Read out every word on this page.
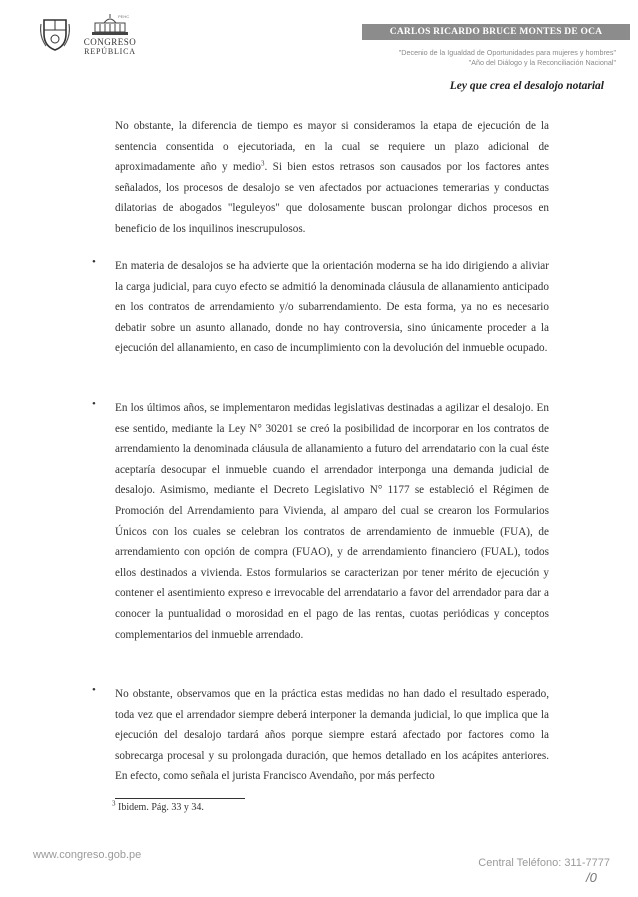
CONGRESO
REPÚBLICA
PEHC
CARLOS RICARDO BRUCE MONTES DE OCA
"Decenio de la Igualdad de Oportunidades para mujeres y hombres"
"Año del Diálogo y la Reconciliación Nacional"
Ley que crea el desalojo notarial

No obstante, la diferencia de tiempo es mayor si consideramos la etapa de ejecución de la sentencia consentida o ejecutoriada, en la cual se requiere un plazo adicional de aproximadamente año y medio$^3$. Si bien estos retrasos son causados por los factores antes señalados, los procesos de desalojo se ven afectados por actuaciones temerarias y conductas dilatorias de abogados "leguleyos" que dolosamente buscan prolongar dichos procesos en beneficio de los inquilinos inescrupulosos.

• En materia de desalojos se ha advierte que la orientación moderna se ha ido dirigiendo a aliviar la carga judicial, para cuyo efecto se admitió la denominada cláusula de allanamiento anticipado en los contratos de arrendamiento y/o subarrendamiento. De esta forma, ya no es necesario debatir sobre un asunto allanado, donde no hay controversia, sino únicamente proceder a la ejecución del allanamiento, en caso de incumplimiento con la devolución del inmueble ocupado.

• En los últimos años, se implementaron medidas legislativas destinadas a agilizar el desalojo. En ese sentido, mediante la Ley N° 30201 se creó la posibilidad de incorporar en los contratos de arrendamiento la denominada cláusula de allanamiento a futuro del arrendatario con la cual éste aceptaría desocupar el inmueble cuando el arrendador interponga una demanda judicial de desalojo. Asimismo, mediante el Decreto Legislativo N° 1177 se estableció el Régimen de Promoción del Arrendamiento para Vivienda, al amparo del cual se crearon los Formularios Únicos con los cuales se celebran los contratos de arrendamiento de inmueble (FUA), de arrendamiento con opción de compra (FUAO), y de arrendamiento financiero (FUAL), todos ellos destinados a vivienda. Estos formularios se caracterizan por tener mérito de ejecución y contener el asentimiento expreso e irrevocable del arrendatario a favor del arrendador para dar a conocer la puntualidad o morosidad en el pago de las rentas, cuotas periódicas y conceptos complementarios del inmueble arrendado.

• No obstante, observamos que en la práctica estas medidas no han dado el resultado esperado, toda vez que el arrendador siempre deberá interponer la demanda judicial, lo que implica que la ejecución del desalojo tardará años porque siempre estará afectado por factores como la sobrecarga procesal y su prolongada duración, que hemos detallado en los acápites anteriores. En efecto, como señala el jurista Francisco Avendaño, por más perfecto

$^3$ Ibidem. Pág. 33 y 34.
www.congreso.gob.pe
Central Teléfono: 311-7777
/0
